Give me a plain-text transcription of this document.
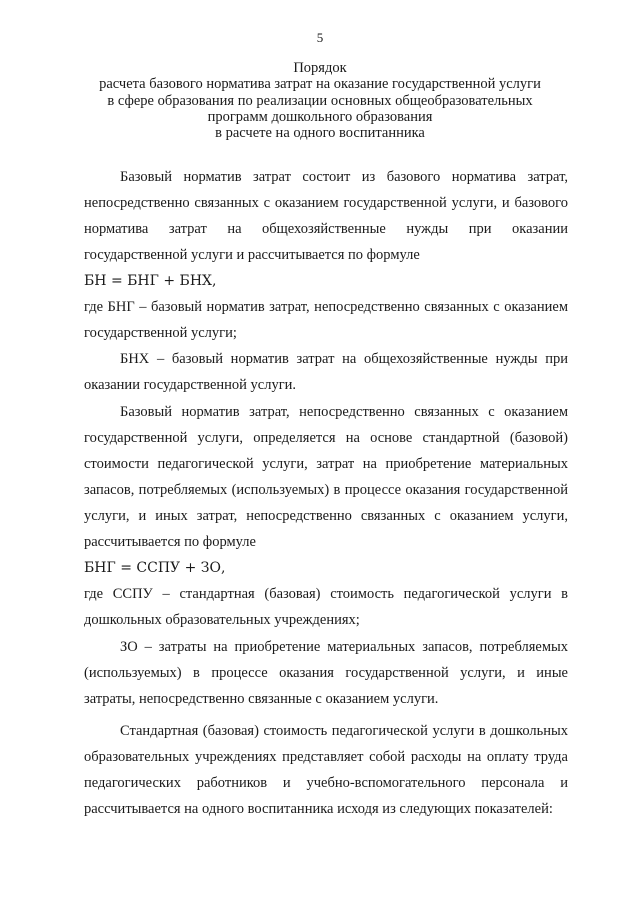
5
Порядок
расчета базового норматива затрат на оказание государственной услуги
в сфере образования по реализации основных общеобразовательных
программ дошкольного образования
в расчете на одного воспитанника

Базовый норматив затрат состоит из базового норматива затрат, непосредственно связанных с оказанием государственной услуги, и базового норматива затрат на общехозяйственные нужды при оказании государственной услуги и рассчитывается по формуле

БН = БНГ + БНХ,

где БНГ – базовый норматив затрат, непосредственно связанных с оказанием государственной услуги;

БНХ – базовый норматив затрат на общехозяйственные нужды при оказании государственной услуги.

Базовый норматив затрат, непосредственно связанных с оказанием государственной услуги, определяется на основе стандартной (базовой) стоимости педагогической услуги, затрат на приобретение материальных запасов, потребляемых (используемых) в процессе оказания государственной услуги, и иных затрат, непосредственно связанных с оказанием услуги, рассчитывается по формуле

БНГ = ССПУ + ЗО,

где ССПУ – стандартная (базовая) стоимость педагогической услуги в дошкольных образовательных учреждениях;

ЗО – затраты на приобретение материальных запасов, потребляемых (используемых) в процессе оказания государственной услуги, и иные затраты, непосредственно связанные с оказанием услуги.

Стандартная (базовая) стоимость педагогической услуги в дошкольных образовательных учреждениях представляет собой расходы на оплату труда педагогических работников и учебно-вспомогательного персонала и рассчитывается на одного воспитанника исходя из следующих показателей:
